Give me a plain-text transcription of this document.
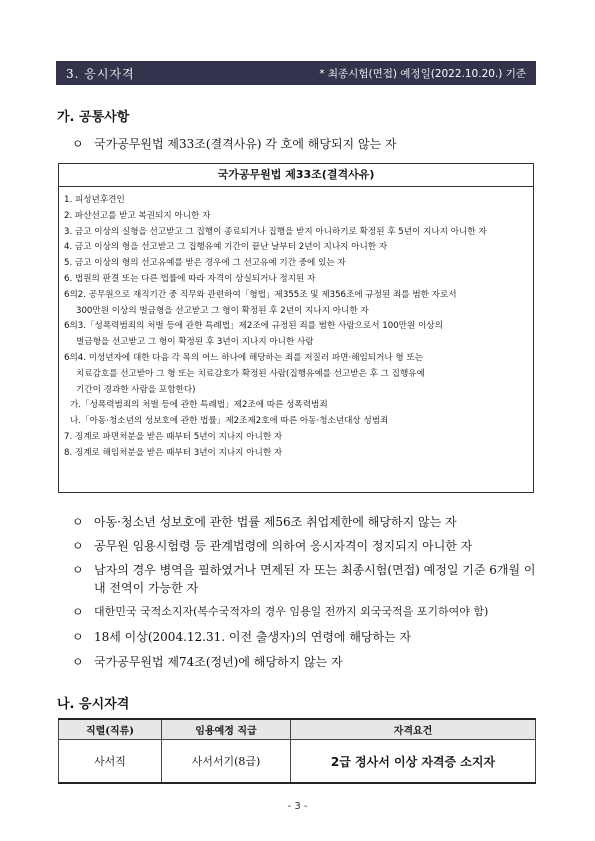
3. 응시자격	* 최종시험(면접) 예정일(2022.10.20.) 기준
가. 공통사항
ㅇ 국가공무원법 제33조(결격사유) 각 호에 해당되지 않는 자
국가공무원법 제33조(결격사유)
1. 피성년후견인
2. 파산선고를 받고 복권되지 아니한 자
3. 금고 이상의 실형을 선고받고 그 집행이 종료되거나 집행을 받지 아니하기로 확정된 후 5년이 지나지 아니한 자
4. 금고 이상의 형을 선고받고 그 집행유예 기간이 끝난 날부터 2년이 지나지 아니한 자
5. 금고 이상의 형의 선고유예를 받은 경우에 그 선고유예 기간 중에 있는 자
6. 법원의 판결 또는 다른 법률에 따라 자격이 상실되거나 정지된 자
6의2. 공무원으로 재직기간 중 직무와 관련하여「형법」제355조 및 제356조에 규정된 죄를 범한 자로서
300만원 이상의 벌금형을 선고받고 그 형이 확정된 후 2년이 지나지 아니한 자
6의3.「성폭력범죄의 처벌 등에 관한 특례법」제2조에 규정된 죄를 범한 사람으로서 100만원 이상의
벌금형을 선고받고 그 형이 확정된 후 3년이 지나지 아니한 사람
6의4. 미성년자에 대한 다음 각 목의 어느 하나에 해당하는 죄를 저질러 파면·해임되거나 형 또는
치료감호를 선고받아 그 형 또는 치료감호가 확정된 사람(집행유예를 선고받은 후 그 집행유예
기간이 경과한 사람을 포함한다)
가.「성폭력범죄의 처벌 등에 관한 특례법」제2조에 따른 성폭력범죄
나.「아동·청소년의 성보호에 관한 법률」제2조제2호에 따른 아동·청소년대상 성범죄
7. 징계로 파면처분을 받은 때부터 5년이 지나지 아니한 자
8. 징계로 해임처분을 받은 때부터 3년이 지나지 아니한 자
ㅇ 아동·청소년 성보호에 관한 법률 제56조 취업제한에 해당하지 않는 자
ㅇ 공무원 임용시험령 등 관계법령에 의하여 응시자격이 정지되지 아니한 자
ㅇ 남자의 경우 병역을 필하였거나 면제된 자 또는 최종시험(면접) 예정일 기준 6개월 이내 전역이 가능한 자
ㅇ 대한민국 국적소지자(복수국적자의 경우 임용일 전까지 외국국적을 포기하여야 함)
ㅇ 18세 이상(2004.12.31. 이전 출생자)의 연령에 해당하는 자
ㅇ 국가공무원법 제74조(정년)에 해당하지 않는 자
나. 응시자격
직렬(직류)	임용예정 직급	자격요건
사서직	사서서기(8급)	2급 정사서 이상 자격증 소지자
- 3 -
